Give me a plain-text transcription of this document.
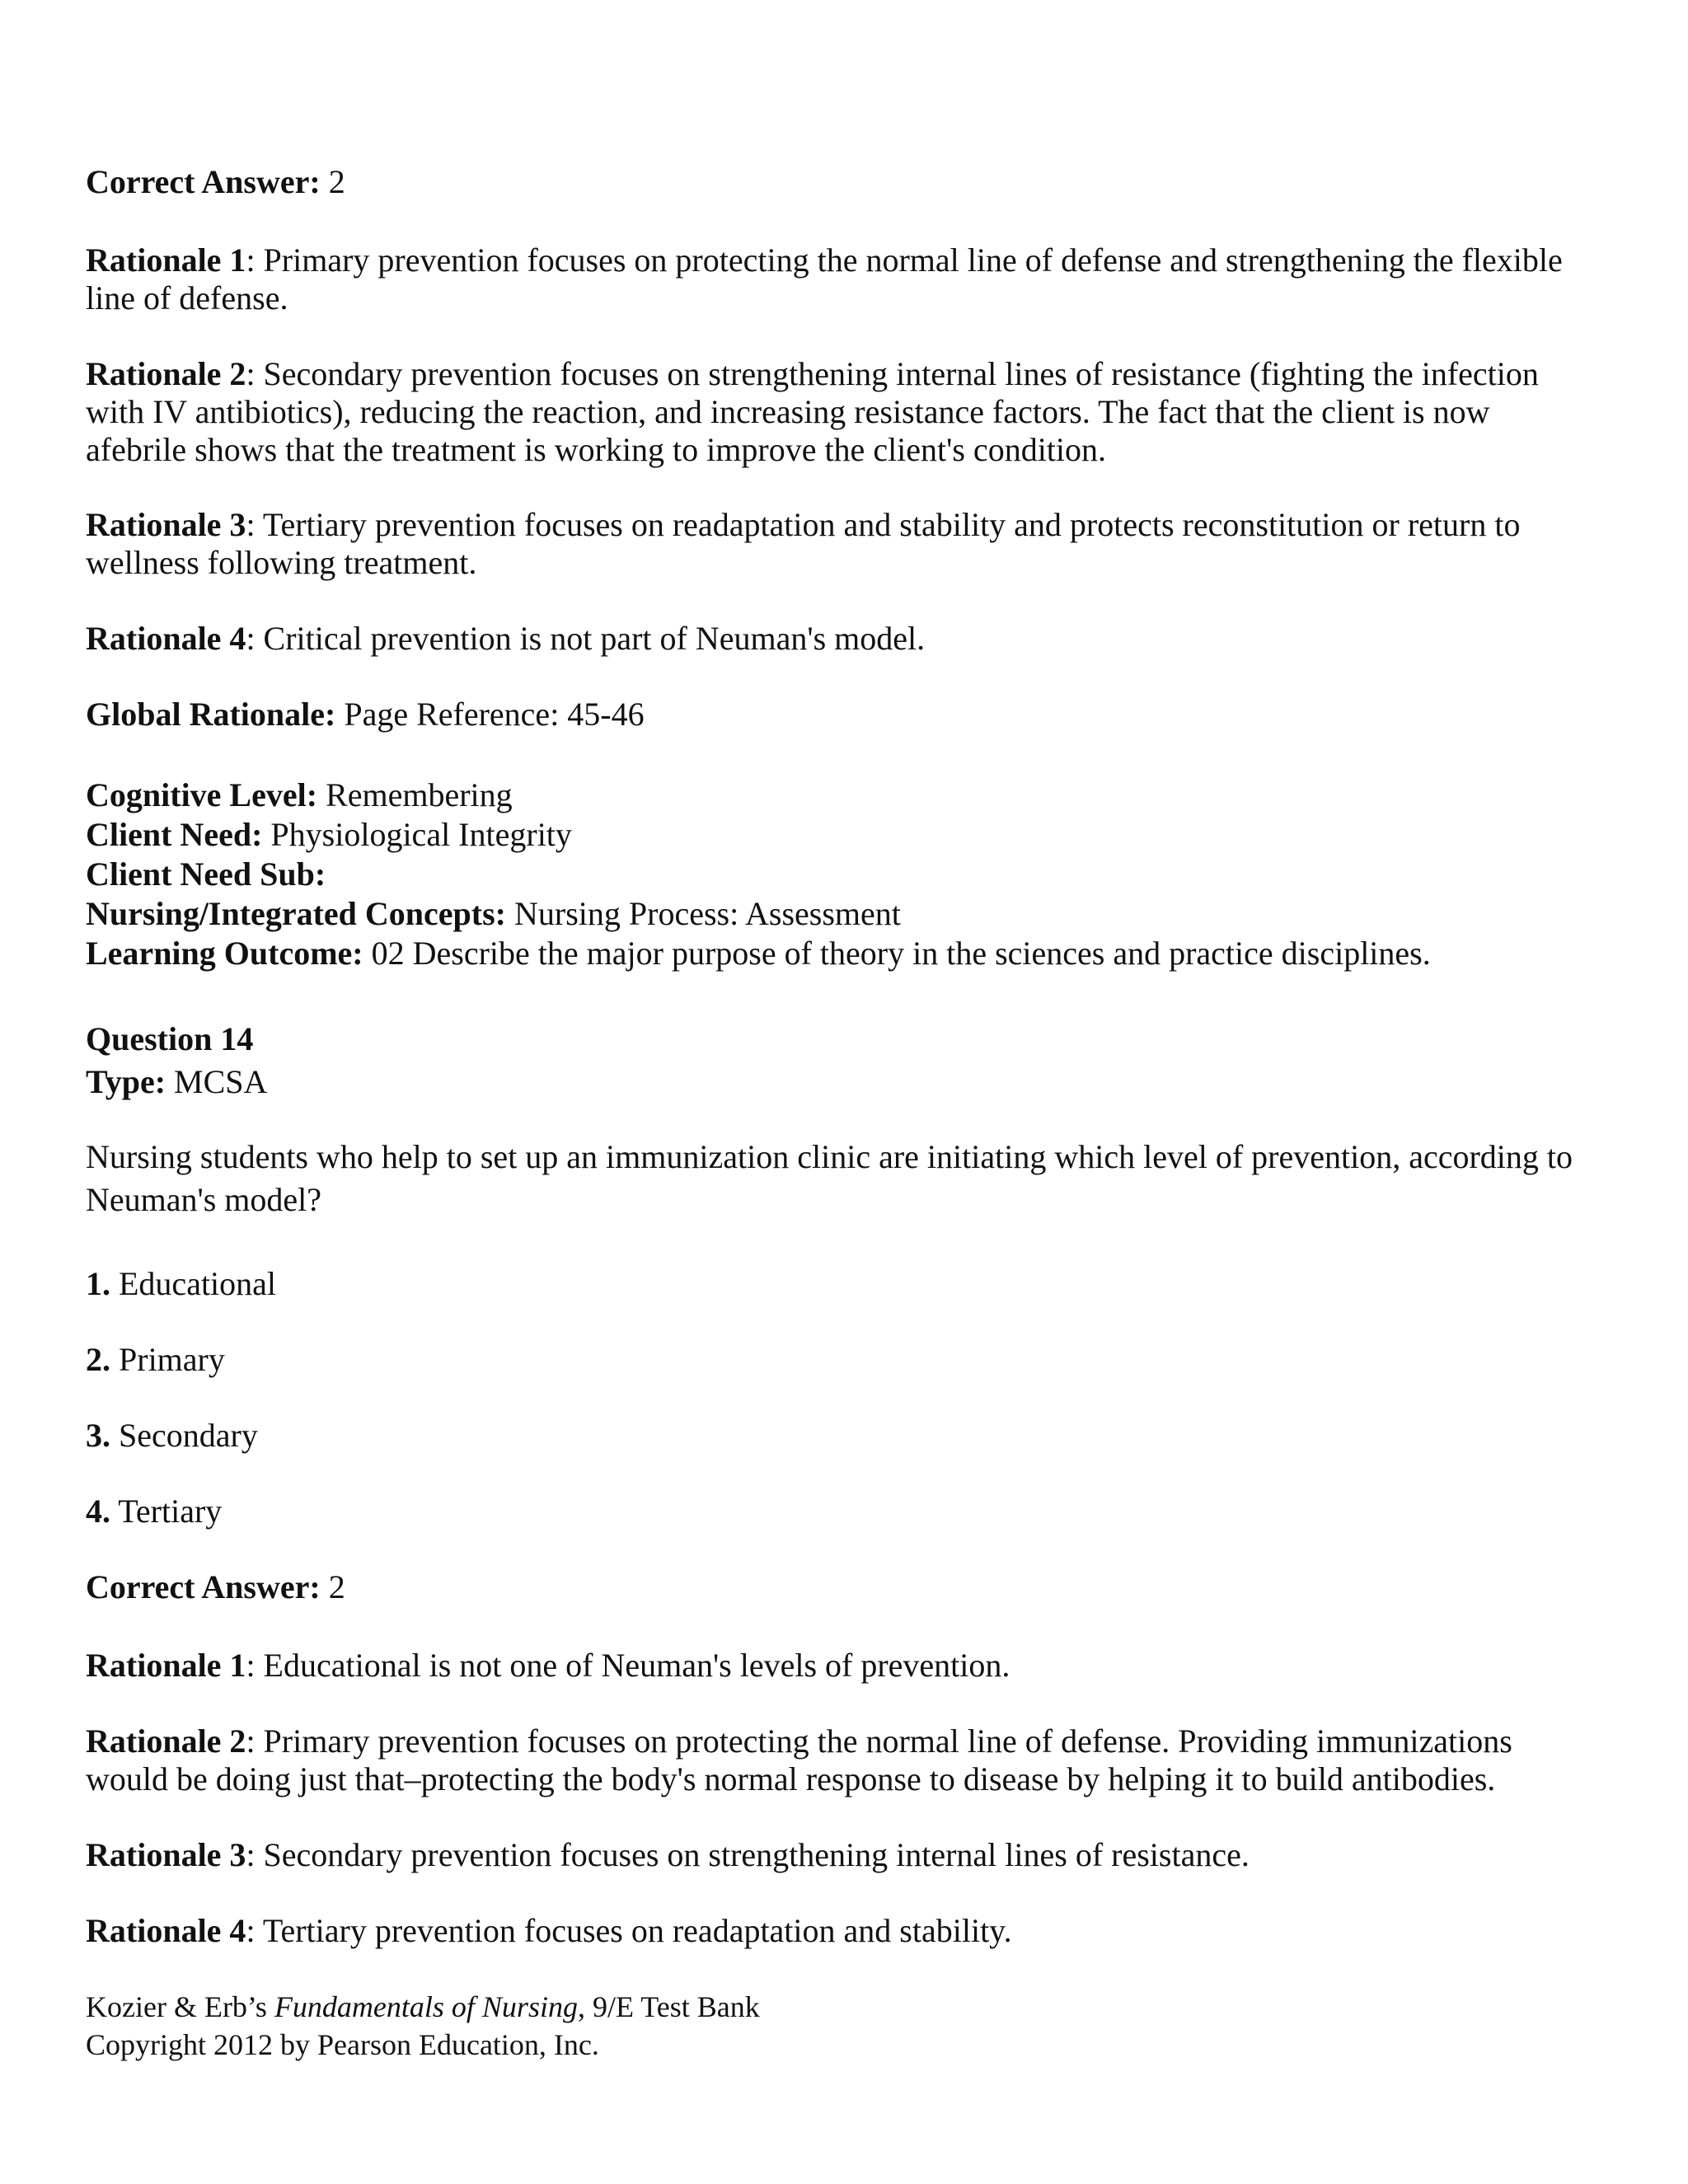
Correct Answer: 2

Rationale 1: Primary prevention focuses on protecting the normal line of defense and strengthening the flexible
line of defense.
Rationale 2: Secondary prevention focuses on strengthening internal lines of resistance (fighting the infection
with IV antibiotics), reducing the reaction, and increasing resistance factors. The fact that the client is now
afebrile shows that the treatment is working to improve the client's condition.
Rationale 3: Tertiary prevention focuses on readaptation and stability and protects reconstitution or return to
wellness following treatment.
Rationale 4: Critical prevention is not part of Neuman's model.

Global Rationale: Page Reference: 45-46

Cognitive Level: Remembering
Client Need: Physiological Integrity
Client Need Sub:
Nursing/Integrated Concepts: Nursing Process: Assessment
Learning Outcome: 02 Describe the major purpose of theory in the sciences and practice disciplines.
Question 14
Type: MCSA
Nursing students who help to set up an immunization clinic are initiating which level of prevention, according to
Neuman's model?

1. Educational

2. Primary

3. Secondary

4. Tertiary

Correct Answer: 2

Rationale 1: Educational is not one of Neuman's levels of prevention.
Rationale 2: Primary prevention focuses on protecting the normal line of defense. Providing immunizations
would be doing just that–protecting the body's normal response to disease by helping it to build antibodies.
Rationale 3: Secondary prevention focuses on strengthening internal lines of resistance.
Rationale 4: Tertiary prevention focuses on readaptation and stability.
Kozier & Erb’s Fundamentals of Nursing, 9/E Test Bank
Copyright 2012 by Pearson Education, Inc.
